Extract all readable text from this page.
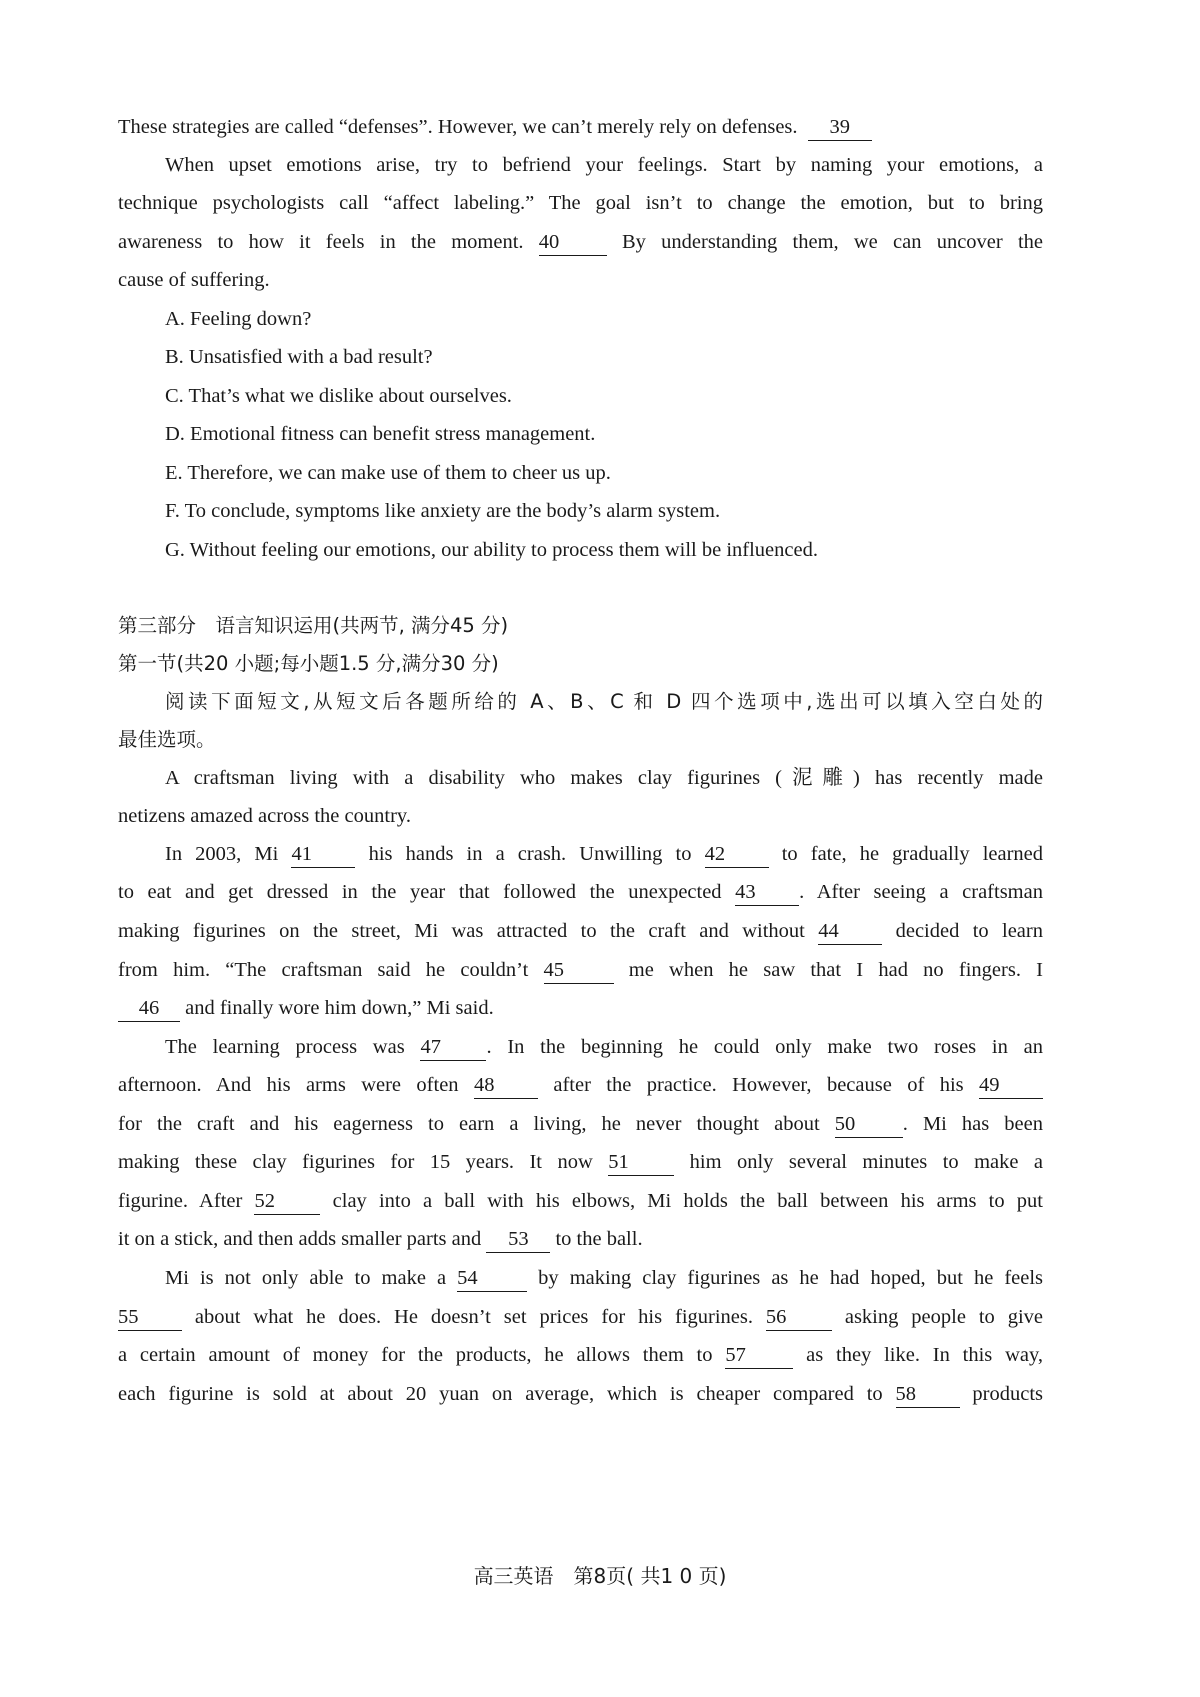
These strategies are called “defenses”. However, we can’t merely rely on defenses. 39
When upset emotions arise, try to befriend your feelings. Start by naming your emotions, a
technique psychologists call “affect labeling.” The goal isn’t to change the emotion, but to bring
awareness to how it feels in the moment. 40	By understanding them, we can uncover the
cause of suffering.
A. Feeling down?
B. Unsatisfied with a bad result?
C. That’s what we dislike about ourselves.
D. Emotional fitness can benefit stress management.
E. Therefore, we can make use of them to cheer us up.
F. To conclude, symptoms like anxiety are the body’s alarm system.
G. Without feeling our emotions, our ability to process them will be influenced.
第三部分　语言知识运用(共两节, 满分45 分)
第一节(共20 小题;每小题1.5 分,满分30 分)
阅读下面短文,从短文后各题所给的 A、B、C 和 D 四个选项中,选出可以填入空白处的
最佳选项。
A craftsman living with a disability who makes clay figurines (泥雕) has recently made
netizens amazed across the country.
In 2003, Mi 41	his hands in a crash. Unwilling to 42	to fate, he gradually learned
to eat and get dressed in the year that followed the unexpected 43 . After seeing a craftsman
making figurines on the street, Mi was attracted to the craft and without 44	decided to learn
from him. “The craftsman said he couldn’t 45	me when he saw that I had no fingers. I
46 and finally wore him down,” Mi said.
The learning process was 47 . In the beginning he could only make two roses in an
afternoon. And his arms were often 48	after the practice. However, because of his 49
for the craft and his eagerness to earn a living, he never thought about 50 . Mi has been
making these clay figurines for 15 years. It now 51	him only several minutes to make a
figurine. After 52	clay into a ball with his elbows, Mi holds the ball between his arms to put
it on a stick, and then adds smaller parts and 53 to the ball.
Mi is not only able to make a 54	by making clay figurines as he had hoped, but he feels
55	about what he does. He doesn’t set prices for his figurines. 56	asking people to give
a certain amount of money for the products, he allows them to 57	as they like. In this way,
each figurine is sold at about 20 yuan on average, which is cheaper compared to 58	products
高三英语　第8页( 共1 0 页)
